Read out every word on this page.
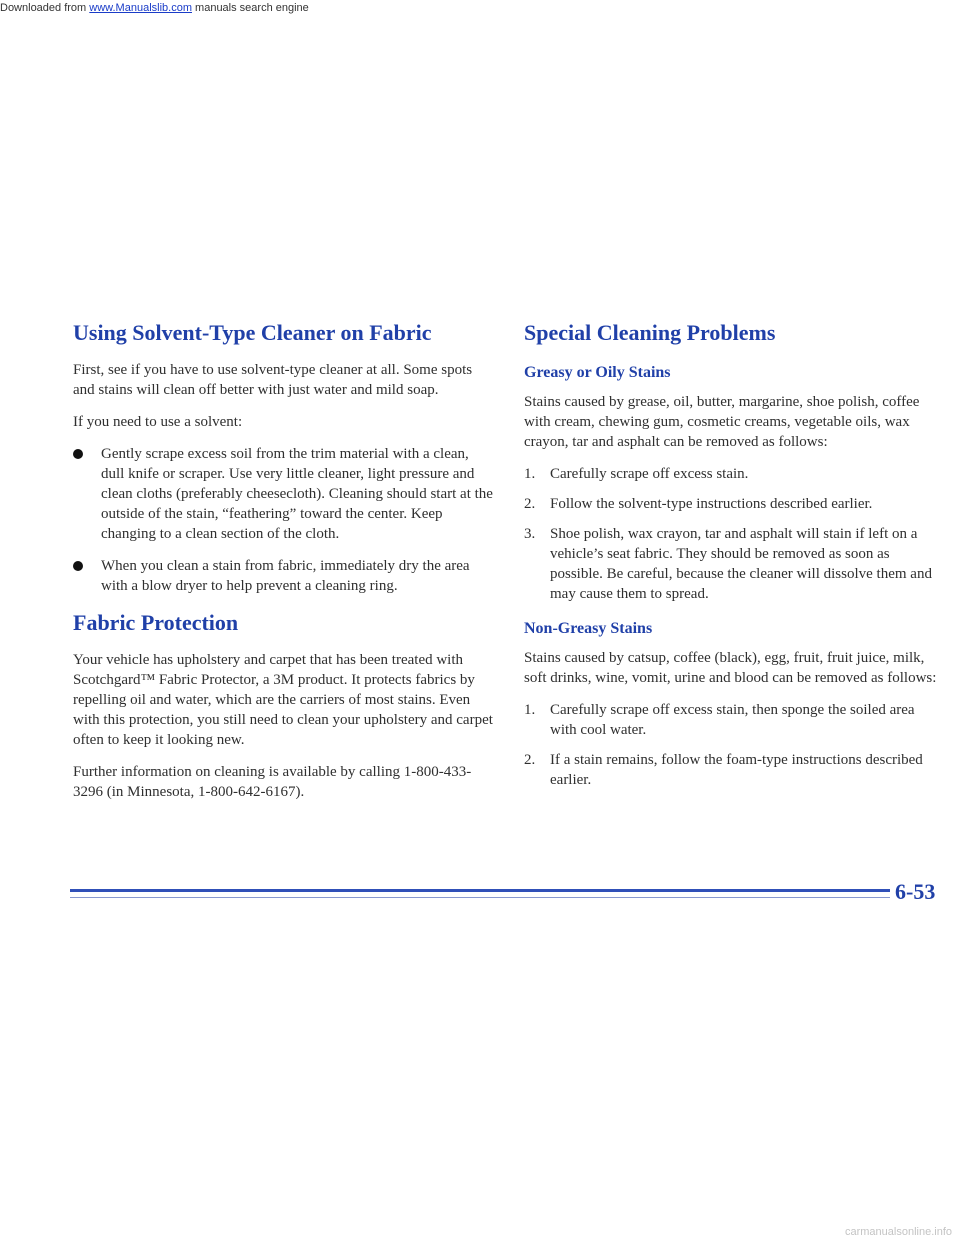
Downloaded from www.Manualslib.com manuals search engine
Using Solvent-Type Cleaner on Fabric

First, see if you have to use solvent-type cleaner at all. Some spots and stains will clean off better with just water and mild soap.

If you need to use a solvent:

Gently scrape excess soil from the trim material with a clean, dull knife or scraper. Use very little cleaner, light pressure and clean cloths (preferably cheesecloth). Cleaning should start at the outside of the stain, “feathering” toward the center. Keep changing to a clean section of the cloth.
When you clean a stain from fabric, immediately dry the area with a blow dryer to help prevent a cleaning ring.
Fabric Protection

Your vehicle has upholstery and carpet that has been treated with Scotchgard™ Fabric Protector, a 3M product. It protects fabrics by repelling oil and water, which are the carriers of most stains. Even with this protection, you still need to clean your upholstery and carpet often to keep it looking new.

Further information on cleaning is available by calling 1-800-433-3296 (in Minnesota, 1-800-642-6167).

Special Cleaning Problems
Greasy or Oily Stains

Stains caused by grease, oil, butter, margarine, shoe polish, coffee with cream, chewing gum, cosmetic creams, vegetable oils, wax crayon, tar and asphalt can be removed as follows:

1. Carefully scrape off excess stain.
2. Follow the solvent-type instructions described earlier.
3. Shoe polish, wax crayon, tar and asphalt will stain if left on a vehicle’s seat fabric. They should be removed as soon as possible. Be careful, because the cleaner will dissolve them and may cause them to spread.
Non-Greasy Stains

Stains caused by catsup, coffee (black), egg, fruit, fruit juice, milk, soft drinks, wine, vomit, urine and blood can be removed as follows:

1. Carefully scrape off excess stain, then sponge the soiled area with cool water.
2. If a stain remains, follow the foam-type instructions described earlier.
6-53
carmanualsonline.info
